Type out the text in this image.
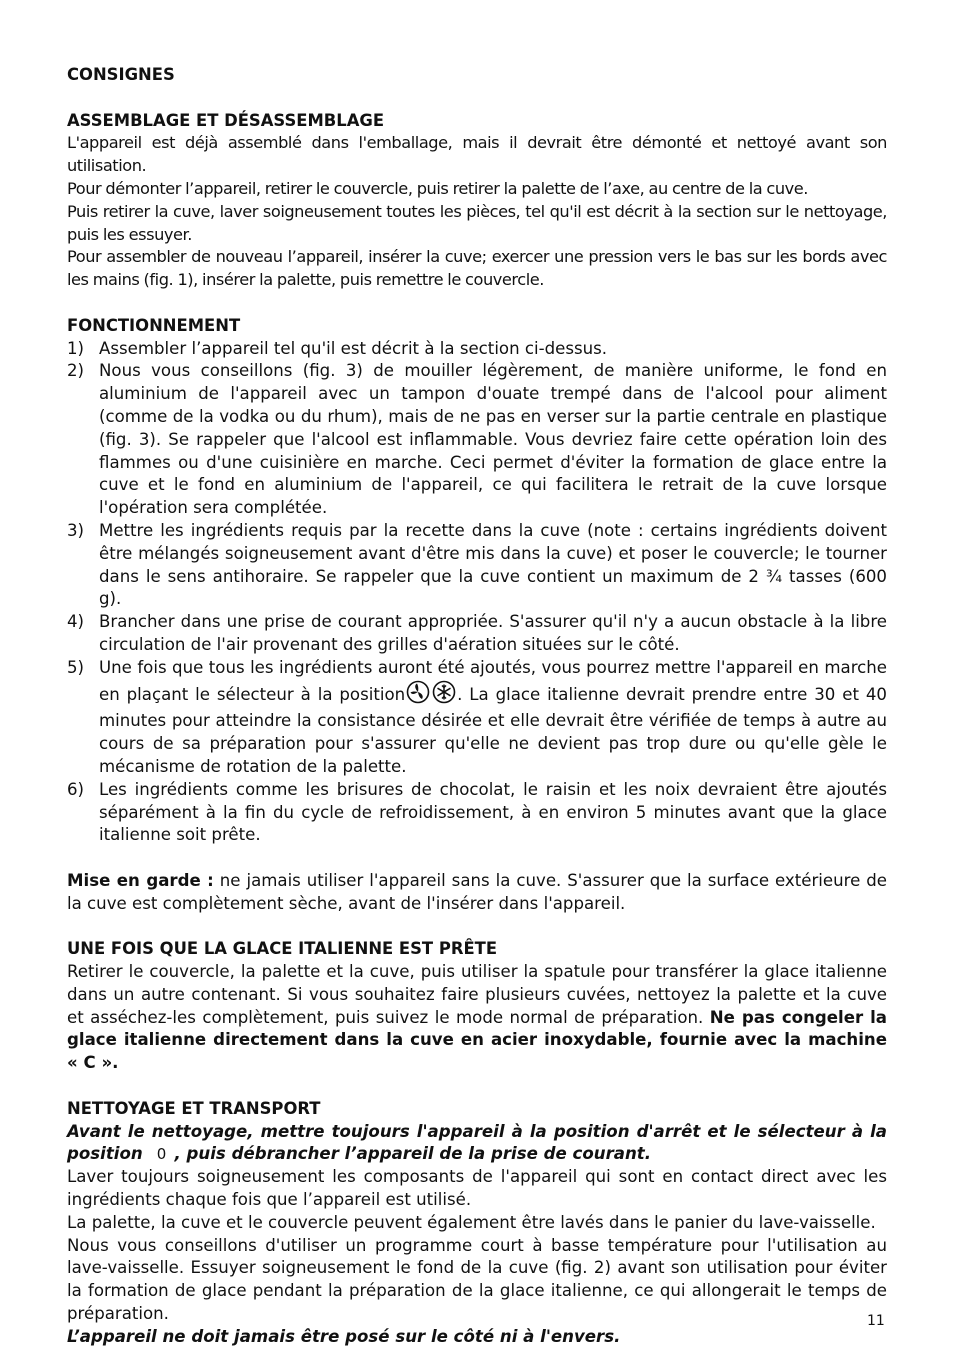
CONSIGNES

ASSEMBLAGE ET DÉSASSEMBLAGE

L'appareil est déjà assemblé dans l'emballage, mais il devrait être démonté et nettoyé avant son utilisation.

Pour démonter l’appareil, retirer le couvercle, puis retirer la palette de l’axe, au centre de la cuve.

Puis retirer la cuve, laver soigneusement toutes les pièces, tel qu'il est décrit à la section sur le nettoyage, puis les essuyer.

Pour assembler de nouveau l’appareil, insérer la cuve; exercer une pression vers le bas sur les bords avec les mains (fig. 1), insérer la palette, puis remettre le couvercle.

FONCTIONNEMENT

1) Assembler l’appareil tel qu'il est décrit à la section ci-dessus.
2) Nous vous conseillons (fig. 3) de mouiller légèrement, de manière uniforme, le fond en aluminium de l'appareil avec un tampon d'ouate trempé dans de l'alcool pour aliment (comme de la vodka ou du rhum), mais de ne pas en verser sur la partie centrale en plastique (fig. 3). Se rappeler que l'alcool est inflammable. Vous devriez faire cette opération loin des flammes ou d'une cuisinière en marche. Ceci permet d'éviter la formation de glace entre la cuve et le fond en aluminium de l'appareil, ce qui facilitera le retrait de la cuve lorsque l'opération sera complétée.
3) Mettre les ingrédients requis par la recette dans la cuve (note : certains ingrédients doivent être mélangés soigneusement avant d'être mis dans la cuve) et poser le couvercle; le tourner dans le sens antihoraire. Se rappeler que la cuve contient un maximum de 2 ¾ tasses (600 g).
4) Brancher dans une prise de courant appropriée. S'assurer qu'il n'y a aucun obstacle à la libre circulation de l'air provenant des grilles d'aération situées sur le côté.
5) Une fois que tous les ingrédients auront été ajoutés, vous pourrez mettre l'appareil en marche en plaçant le sélecteur à la position	. La glace italienne devrait prendre entre 30 et 40 minutes pour atteindre la consistance désirée et elle devrait être vérifiée de temps à autre au cours de sa préparation pour s'assurer qu'elle ne devient pas trop dure ou qu'elle gèle le mécanisme de rotation de la palette.
6) Les ingrédients comme les brisures de chocolat, le raisin et les noix devraient être ajoutés séparément à la fin du cycle de refroidissement, à en environ 5 minutes avant que la glace italienne soit prête.

Mise en garde : ne jamais utiliser l'appareil sans la cuve. S'assurer que la surface extérieure de la cuve est complètement sèche, avant de l'insérer dans l'appareil.

UNE FOIS QUE LA GLACE ITALIENNE EST PRÊTE

Retirer le couvercle, la palette et la cuve, puis utiliser la spatule pour transférer la glace italienne dans un autre contenant. Si vous souhaitez faire plusieurs cuvées, nettoyez la palette et la cuve et asséchez-les complètement, puis suivez le mode normal de préparation. Ne pas congeler la glace italienne directement dans la cuve en acier inoxydable, fournie avec la machine « C ».

NETTOYAGE ET TRANSPORT

Avant le nettoyage, mettre toujours l'appareil à la position d'arrêt et le sélecteur à la position 0 , puis débrancher l’appareil de la prise de courant.

Laver toujours soigneusement les composants de l'appareil qui sont en contact direct avec les ingrédients chaque fois que l’appareil est utilisé.

La palette, la cuve et le couvercle peuvent également être lavés dans le panier du lave-vaisselle.

Nous vous conseillons d'utiliser un programme court à basse température pour l'utilisation au lave-vaisselle. Essuyer soigneusement le fond de la cuve (fig. 2) avant son utilisation pour éviter la formation de glace pendant la préparation de la glace italienne, ce qui allongerait le temps de préparation.

L’appareil ne doit jamais être posé sur le côté ni à l'envers.

11
